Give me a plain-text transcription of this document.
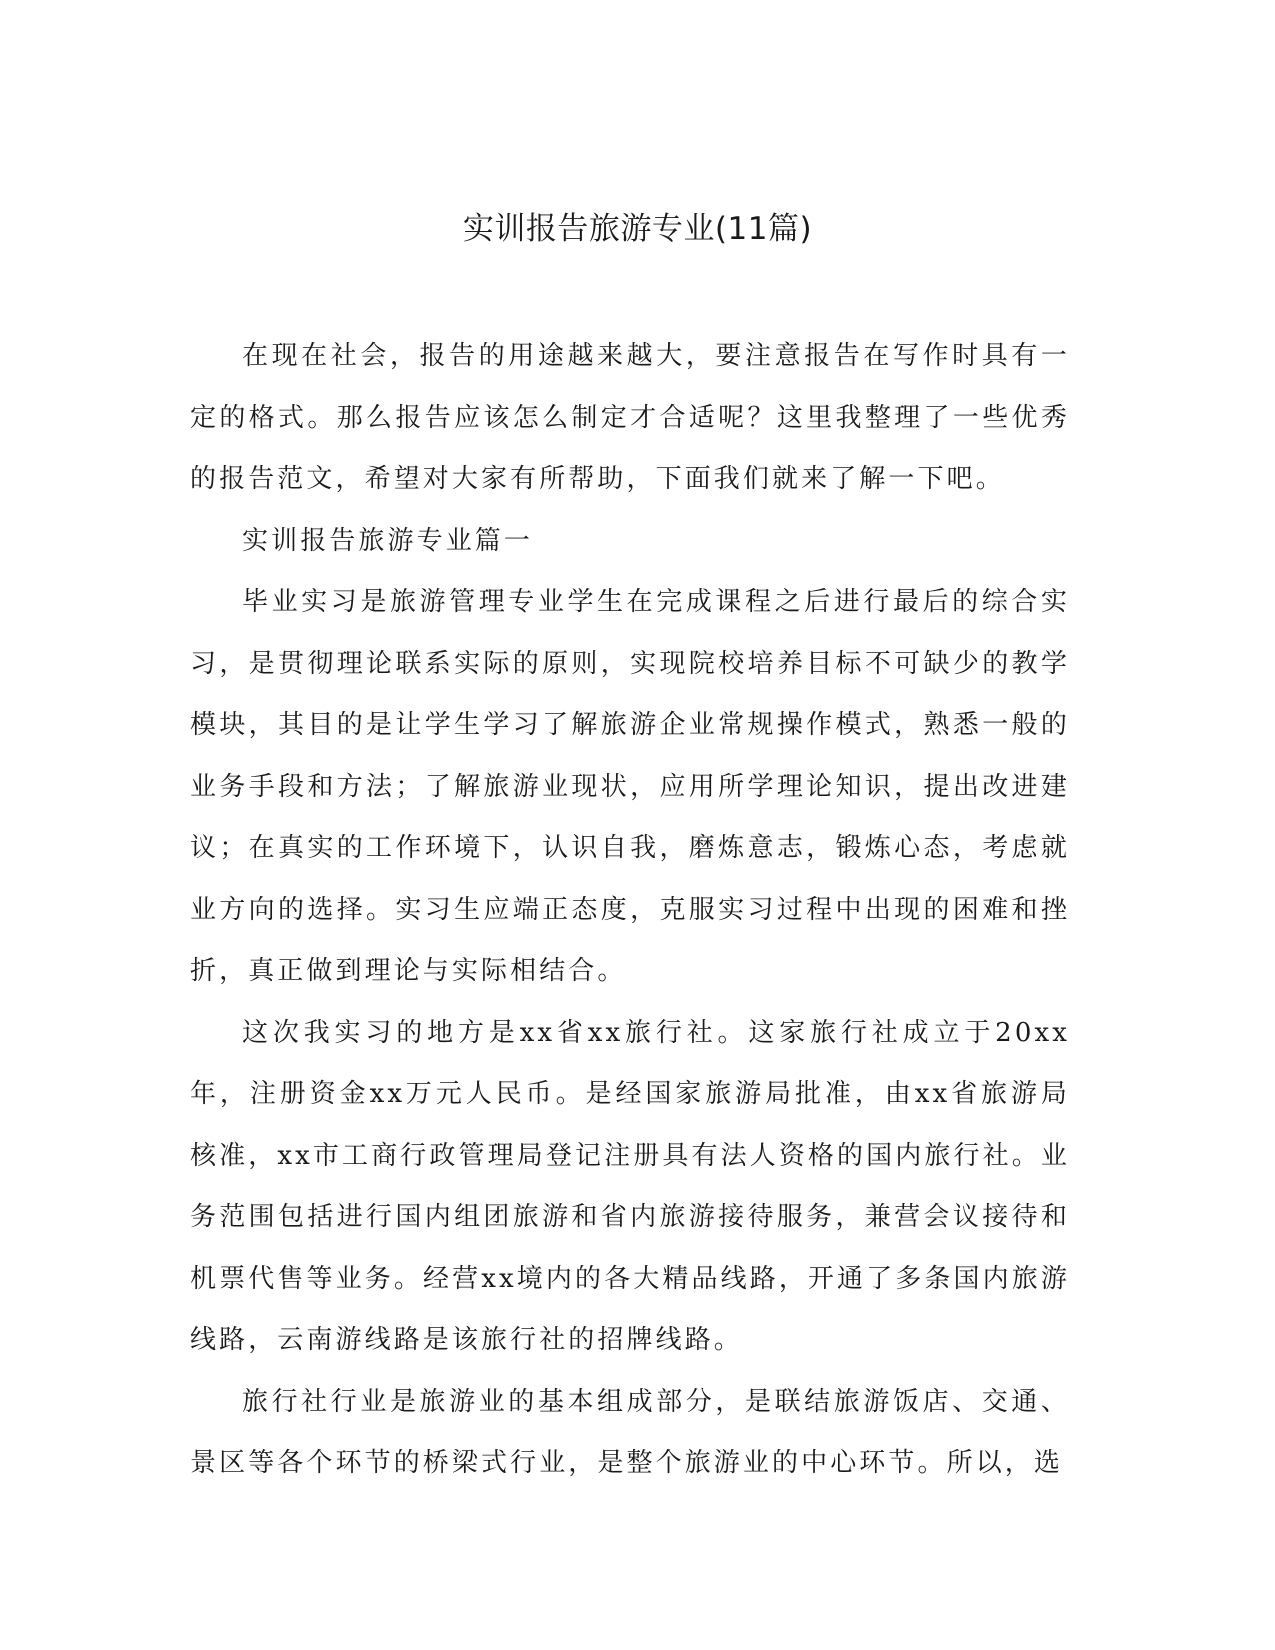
实训报告旅游专业(11篇)

在现在社会，报告的用途越来越大，要注意报告在写作时具有一定的格式。那么报告应该怎么制定才合适呢？这里我整理了一些优秀的报告范文，希望对大家有所帮助，下面我们就来了解一下吧。

实训报告旅游专业篇一

毕业实习是旅游管理专业学生在完成课程之后进行最后的综合实习，是贯彻理论联系实际的原则，实现院校培养目标不可缺少的教学模块，其目的是让学生学习了解旅游企业常规操作模式，熟悉一般的业务手段和方法；了解旅游业现状，应用所学理论知识，提出改进建议；在真实的工作环境下，认识自我，磨炼意志，锻炼心态，考虑就业方向的选择。实习生应端正态度，克服实习过程中出现的困难和挫折，真正做到理论与实际相结合。

这次我实习的地方是xx省xx旅行社。这家旅行社成立于20xx年，注册资金xx万元人民币。是经国家旅游局批准，由xx省旅游局核准，xx市工商行政管理局登记注册具有法人资格的国内旅行社。业务范围包括进行国内组团旅游和省内旅游接待服务，兼营会议接待和机票代售等业务。经营xx境内的各大精品线路，开通了多条国内旅游线路，云南游线路是该旅行社的招牌线路。

旅行社行业是旅游业的基本组成部分，是联结旅游饭店、交通、景区等各个环节的桥梁式行业，是整个旅游业的中心环节。所以，选
